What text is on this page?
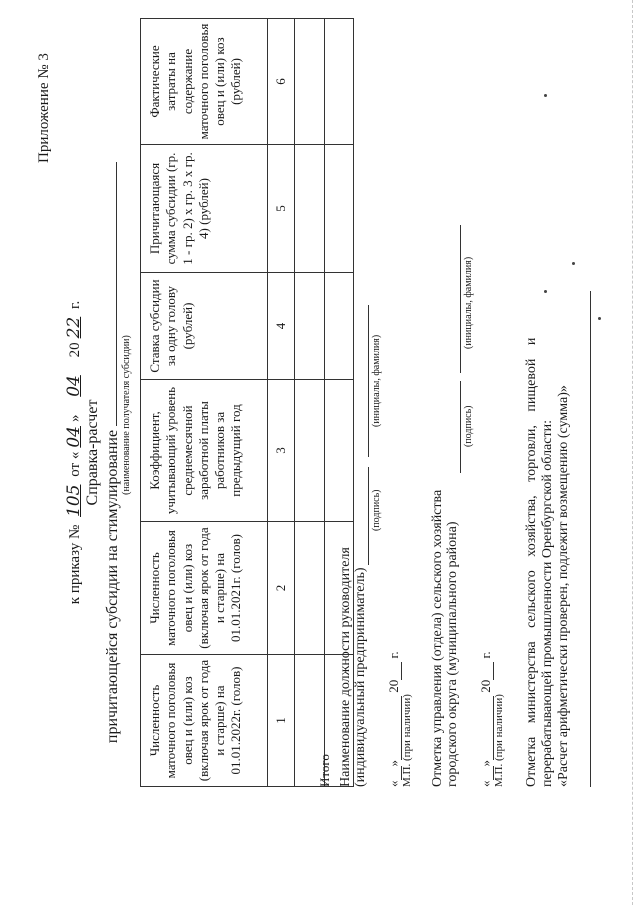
Приложение № 3
к приказу № 105 от «04» 04 2022 г.
Справка-расчет причитающейся субсидии на стимулирование
(наименование получателя субсидии)
Численность маточного поголовья овец и (или) коз (включая ярок от года и старше) на 01.01.2022г. (голов)	Численность маточного поголовья овец и (или) коз (включая ярок от года и старше) на 01.01.2021г. (голов)	Коэффициент, учитывающий уровень среднемесячной заработной платы работников за предыдущий год	Ставка субсидии за одну голову (рублей)	Причитающаяся сумма субсидии (гр. 1 - гр. 2) х гр. 3 х гр. 4) (рублей)	Фактические затраты на содержание маточного поголовья овец и (или) коз (рублей)
1	2	3	4	5	6

Итого Наименование должности руководителя (индивидуальный предприниматель)
(подпись)
(инициалы, фамилия)
«» 20 г.
М.П. (при наличии) Отметка управления (отдела) сельского хозяйства городского округа (муниципального района)
(подпись)
(инициалы, фамилия)
«» 20 г.
М.П. (при наличии) Отметка министерства сельского хозяйства, торговли, пищевой и перерабатывающей промышленности Оренбургской области: «Расчет арифметически проверен, подлежит возмещению (сумма)»
